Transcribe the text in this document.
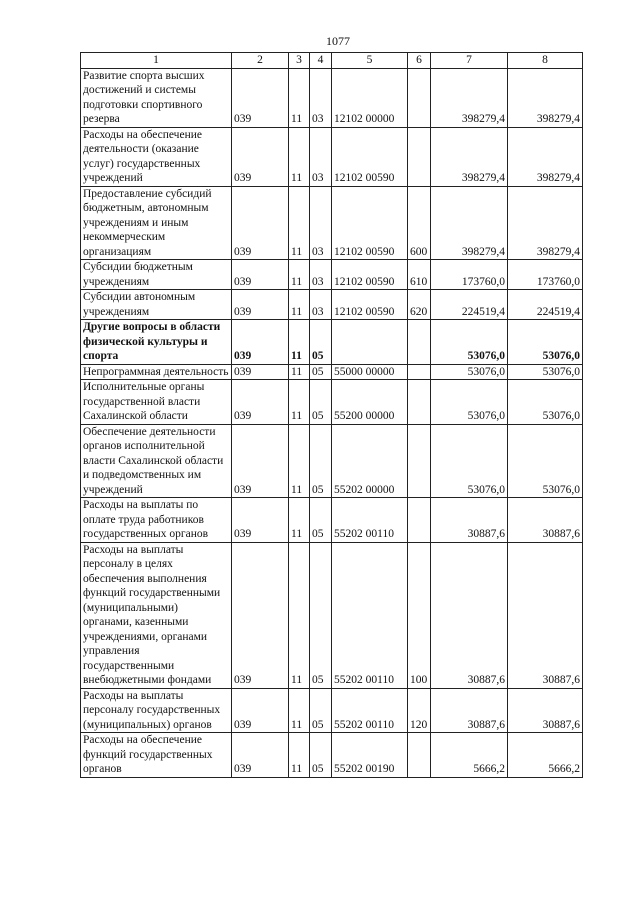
1077
1	2	3	4	5	6	7	8
Развитие спорта высших достижений и системы подготовки спортивного резерва	039	11	03	12102 00000		398279,4	398279,4
Расходы на обеспечение деятельности (оказание услуг) государственных учреждений	039	11	03	12102 00590		398279,4	398279,4
Предоставление субсидий бюджетным, автономным учреждениям и иным некоммерческим организациям	039	11	03	12102 00590	600	398279,4	398279,4
Субсидии бюджетным учреждениям	039	11	03	12102 00590	610	173760,0	173760,0
Субсидии автономным учреждениям	039	11	03	12102 00590	620	224519,4	224519,4
Другие вопросы в области физической культуры и спорта	039	11	05			53076,0	53076,0
Непрограммная деятельность	039	11	05	55000 00000		53076,0	53076,0
Исполнительные органы государственной власти Сахалинской области	039	11	05	55200 00000		53076,0	53076,0
Обеспечение деятельности органов исполнительной власти Сахалинской области и подведомственных им учреждений	039	11	05	55202 00000		53076,0	53076,0
Расходы на выплаты по оплате труда работников государственных органов	039	11	05	55202 00110		30887,6	30887,6
Расходы на выплаты персоналу в целях обеспечения выполнения функций государственными (муниципальными) органами, казенными учреждениями, органами управления государственными внебюджетными фондами	039	11	05	55202 00110	100	30887,6	30887,6
Расходы на выплаты персоналу государственных (муниципальных) органов	039	11	05	55202 00110	120	30887,6	30887,6
Расходы на обеспечение функций государственных органов	039	11	05	55202 00190		5666,2	5666,2
